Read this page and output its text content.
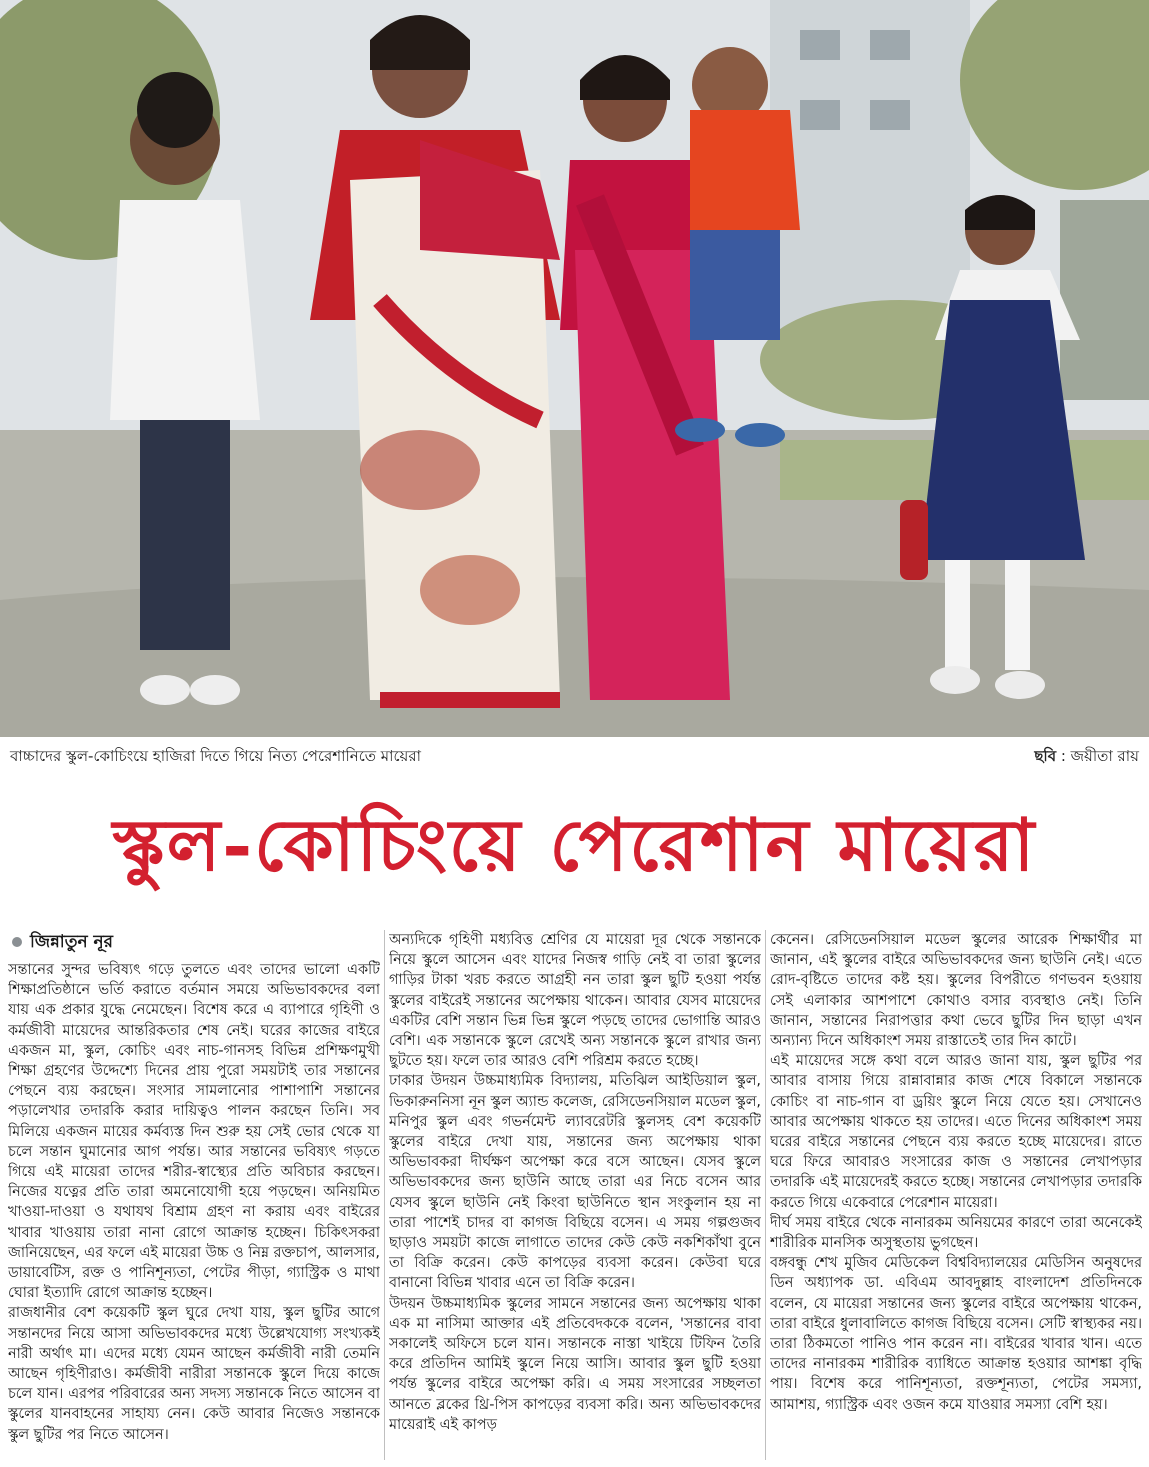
বাচ্চাদের স্কুল-কোচিংয়ে হাজিরা দিতে গিয়ে নিত্য পেরেশানিতে মায়েরা	ছবি : জয়ীতা রায়
স্কুল-কোচিংয়ে পেরেশান মায়েরা
জিন্নাতুন নূর

সন্তানের সুন্দর ভবিষ্যৎ গড়ে তুলতে এবং তাদের ভালো একটি শিক্ষাপ্রতিষ্ঠানে ভর্তি করাতে বর্তমান সময়ে অভিভাবকদের বলা যায় এক প্রকার যুদ্ধে নেমেছেন। বিশেষ করে এ ব্যাপারে গৃহিণী ও কর্মজীবী মায়েদের আন্তরিকতার শেষ নেই। ঘরের কাজের বাইরে একজন মা, স্কুল, কোচিং এবং নাচ-গানসহ বিভিন্ন প্রশিক্ষণমুখী শিক্ষা গ্রহণের উদ্দেশ্যে দিনের প্রায় পুরো সময়টাই তার সন্তানের পেছনে ব্যয় করছেন। সংসার সামলানোর পাশাপাশি সন্তানের পড়ালেখার তদারকি করার দায়িত্বও পালন করছেন তিনি। সব মিলিয়ে একজন মায়ের কর্মব্যস্ত দিন শুরু হয় সেই ভোর থেকে যা চলে সন্তান ঘুমানোর আগ পর্যন্ত। আর সন্তানের ভবিষ্যৎ গড়তে গিয়ে এই মায়েরা তাদের শরীর-স্বাস্থ্যের প্রতি অবিচার করছেন। নিজের যত্নের প্রতি তারা অমনোযোগী হয়ে পড়ছেন। অনিয়মিত খাওয়া-দাওয়া ও যথাযথ বিশ্রাম গ্রহণ না করায় এবং বাইরের খাবার খাওয়ায় তারা নানা রোগে আক্রান্ত হচ্ছেন। চিকিৎসকরা জানিয়েছেন, এর ফলে এই মায়েরা উচ্চ ও নিম্ন রক্তচাপ, আলসার, ডায়াবেটিস, রক্ত ও পানিশূন্যতা, পেটের পীড়া, গ্যাস্ট্রিক ও মাথা ঘোরা ইত্যাদি রোগে আক্রান্ত হচ্ছেন।

রাজধানীর বেশ কয়েকটি স্কুল ঘুরে দেখা যায়, স্কুল ছুটির আগে সন্তানদের নিয়ে আসা অভিভাবকদের মধ্যে উল্লেখযোগ্য সংখ্যকই নারী অর্থাৎ মা। এদের মধ্যে যেমন আছেন কর্মজীবী নারী তেমনি আছেন গৃহিণীরাও। কর্মজীবী নারীরা সন্তানকে স্কুলে দিয়ে কাজে চলে যান। এরপর পরিবারের অন্য সদস্য সন্তানকে নিতে আসেন বা স্কুলের যানবাহনের সাহায্য নেন। কেউ আবার নিজেও সন্তানকে স্কুল ছুটির পর নিতে আসেন।

অন্যদিকে গৃহিণী মধ্যবিত্ত শ্রেণির যে মায়েরা দূর থেকে সন্তানকে নিয়ে স্কুলে আসেন এবং যাদের নিজস্ব গাড়ি নেই বা তারা স্কুলের গাড়ির টাকা খরচ করতে আগ্রহী নন তারা স্কুল ছুটি হওয়া পর্যন্ত স্কুলের বাইরেই সন্তানের অপেক্ষায় থাকেন। আবার যেসব মায়েদের একটির বেশি সন্তান ভিন্ন ভিন্ন স্কুলে পড়ছে তাদের ভোগান্তি আরও বেশি। এক সন্তানকে স্কুলে রেখেই অন্য সন্তানকে স্কুলে রাখার জন্য ছুটতে হয়। ফলে তার আরও বেশি পরিশ্রম করতে হচ্ছে।

ঢাকার উদয়ন উচ্চমাধ্যমিক বিদ্যালয়, মতিঝিল আইডিয়াল স্কুল, ভিকারুননিসা নূন স্কুল অ্যান্ড কলেজ, রেসিডেনসিয়াল মডেল স্কুল, মনিপুর স্কুল এবং গভর্নমেন্ট ল্যাবরেটরি স্কুলসহ বেশ কয়েকটি স্কুলের বাইরে দেখা যায়, সন্তানের জন্য অপেক্ষায় থাকা অভিভাবকরা দীর্ঘক্ষণ অপেক্ষা করে বসে আছেন। যেসব স্কুলে অভিভাবকদের জন্য ছাউনি আছে তারা এর নিচে বসেন আর যেসব স্কুলে ছাউনি নেই কিংবা ছাউনিতে স্থান সংকুলান হয় না তারা পাশেই চাদর বা কাগজ বিছিয়ে বসেন। এ সময় গল্পগুজব ছাড়াও সময়টা কাজে লাগাতে তাদের কেউ কেউ নকশিকাঁথা বুনে তা বিক্রি করেন। কেউ কাপড়ের ব্যবসা করেন। কেউবা ঘরে বানানো বিভিন্ন খাবার এনে তা বিক্রি করেন।

উদয়ন উচ্চমাধ্যমিক স্কুলের সামনে সন্তানের জন্য অপেক্ষায় থাকা এক মা নাসিমা আক্তার এই প্রতিবেদককে বলেন, 'সন্তানের বাবা সকালেই অফিসে চলে যান। সন্তানকে নাস্তা খাইয়ে টিফিন তৈরি করে প্রতিদিন আমিই স্কুলে নিয়ে আসি। আবার স্কুল ছুটি হওয়া পর্যন্ত স্কুলের বাইরে অপেক্ষা করি। এ সময় সংসারের সচ্ছলতা আনতে ব্লকের থ্রি-পিস কাপড়ের ব্যবসা করি। অন্য অভিভাবকদের মায়েরাই এই কাপড়

কেনেন। রেসিডেনসিয়াল মডেল স্কুলের আরেক শিক্ষার্থীর মা জানান, এই স্কুলের বাইরে অভিভাবকদের জন্য ছাউনি নেই। এতে রোদ-বৃষ্টিতে তাদের কষ্ট হয়। স্কুলের বিপরীতে গণভবন হওয়ায় সেই এলাকার আশপাশে কোথাও বসার ব্যবস্থাও নেই। তিনি জানান, সন্তানের নিরাপত্তার কথা ভেবে ছুটির দিন ছাড়া এখন অন্যান্য দিনে অধিকাংশ সময় রাস্তাতেই তার দিন কাটে।

এই মায়েদের সঙ্গে কথা বলে আরও জানা যায়, স্কুল ছুটির পর আবার বাসায় গিয়ে রান্নাবান্নার কাজ শেষে বিকালে সন্তানকে কোচিং বা নাচ-গান বা ড্রয়িং স্কুলে নিয়ে যেতে হয়। সেখানেও আবার অপেক্ষায় থাকতে হয় তাদের। এতে দিনের অধিকাংশ সময় ঘরের বাইরে সন্তানের পেছনে ব্যয় করতে হচ্ছে মায়েদের। রাতে ঘরে ফিরে আবারও সংসারের কাজ ও সন্তানের লেখাপড়ার তদারকি এই মায়েদেরই করতে হচ্ছে। সন্তানের লেখাপড়ার তদারকি করতে গিয়ে একেবারে পেরেশান মায়েরা।

দীর্ঘ সময় বাইরে থেকে নানারকম অনিয়মের কারণে তারা অনেকেই শারীরিক মানসিক অসুস্থতায় ভুগছেন।

বঙ্গবন্ধু শেখ মুজিব মেডিকেল বিশ্ববিদ্যালয়ের মেডিসিন অনুষদের ডিন অধ্যাপক ডা. এবিএম আবদুল্লাহ বাংলাদেশ প্রতিদিনকে বলেন, যে মায়েরা সন্তানের জন্য স্কুলের বাইরে অপেক্ষায় থাকেন, তারা বাইরে ধুলাবালিতে কাগজ বিছিয়ে বসেন। সেটি স্বাস্থ্যকর নয়। তারা ঠিকমতো পানিও পান করেন না। বাইরের খাবার খান। এতে তাদের নানারকম শারীরিক ব্যাধিতে আক্রান্ত হওয়ার আশঙ্কা বৃদ্ধি পায়। বিশেষ করে পানিশূন্যতা, রক্তশূন্যতা, পেটের সমস্যা, আমাশয়, গ্যাস্ট্রিক এবং ওজন কমে যাওয়ার সমস্যা বেশি হয়।
